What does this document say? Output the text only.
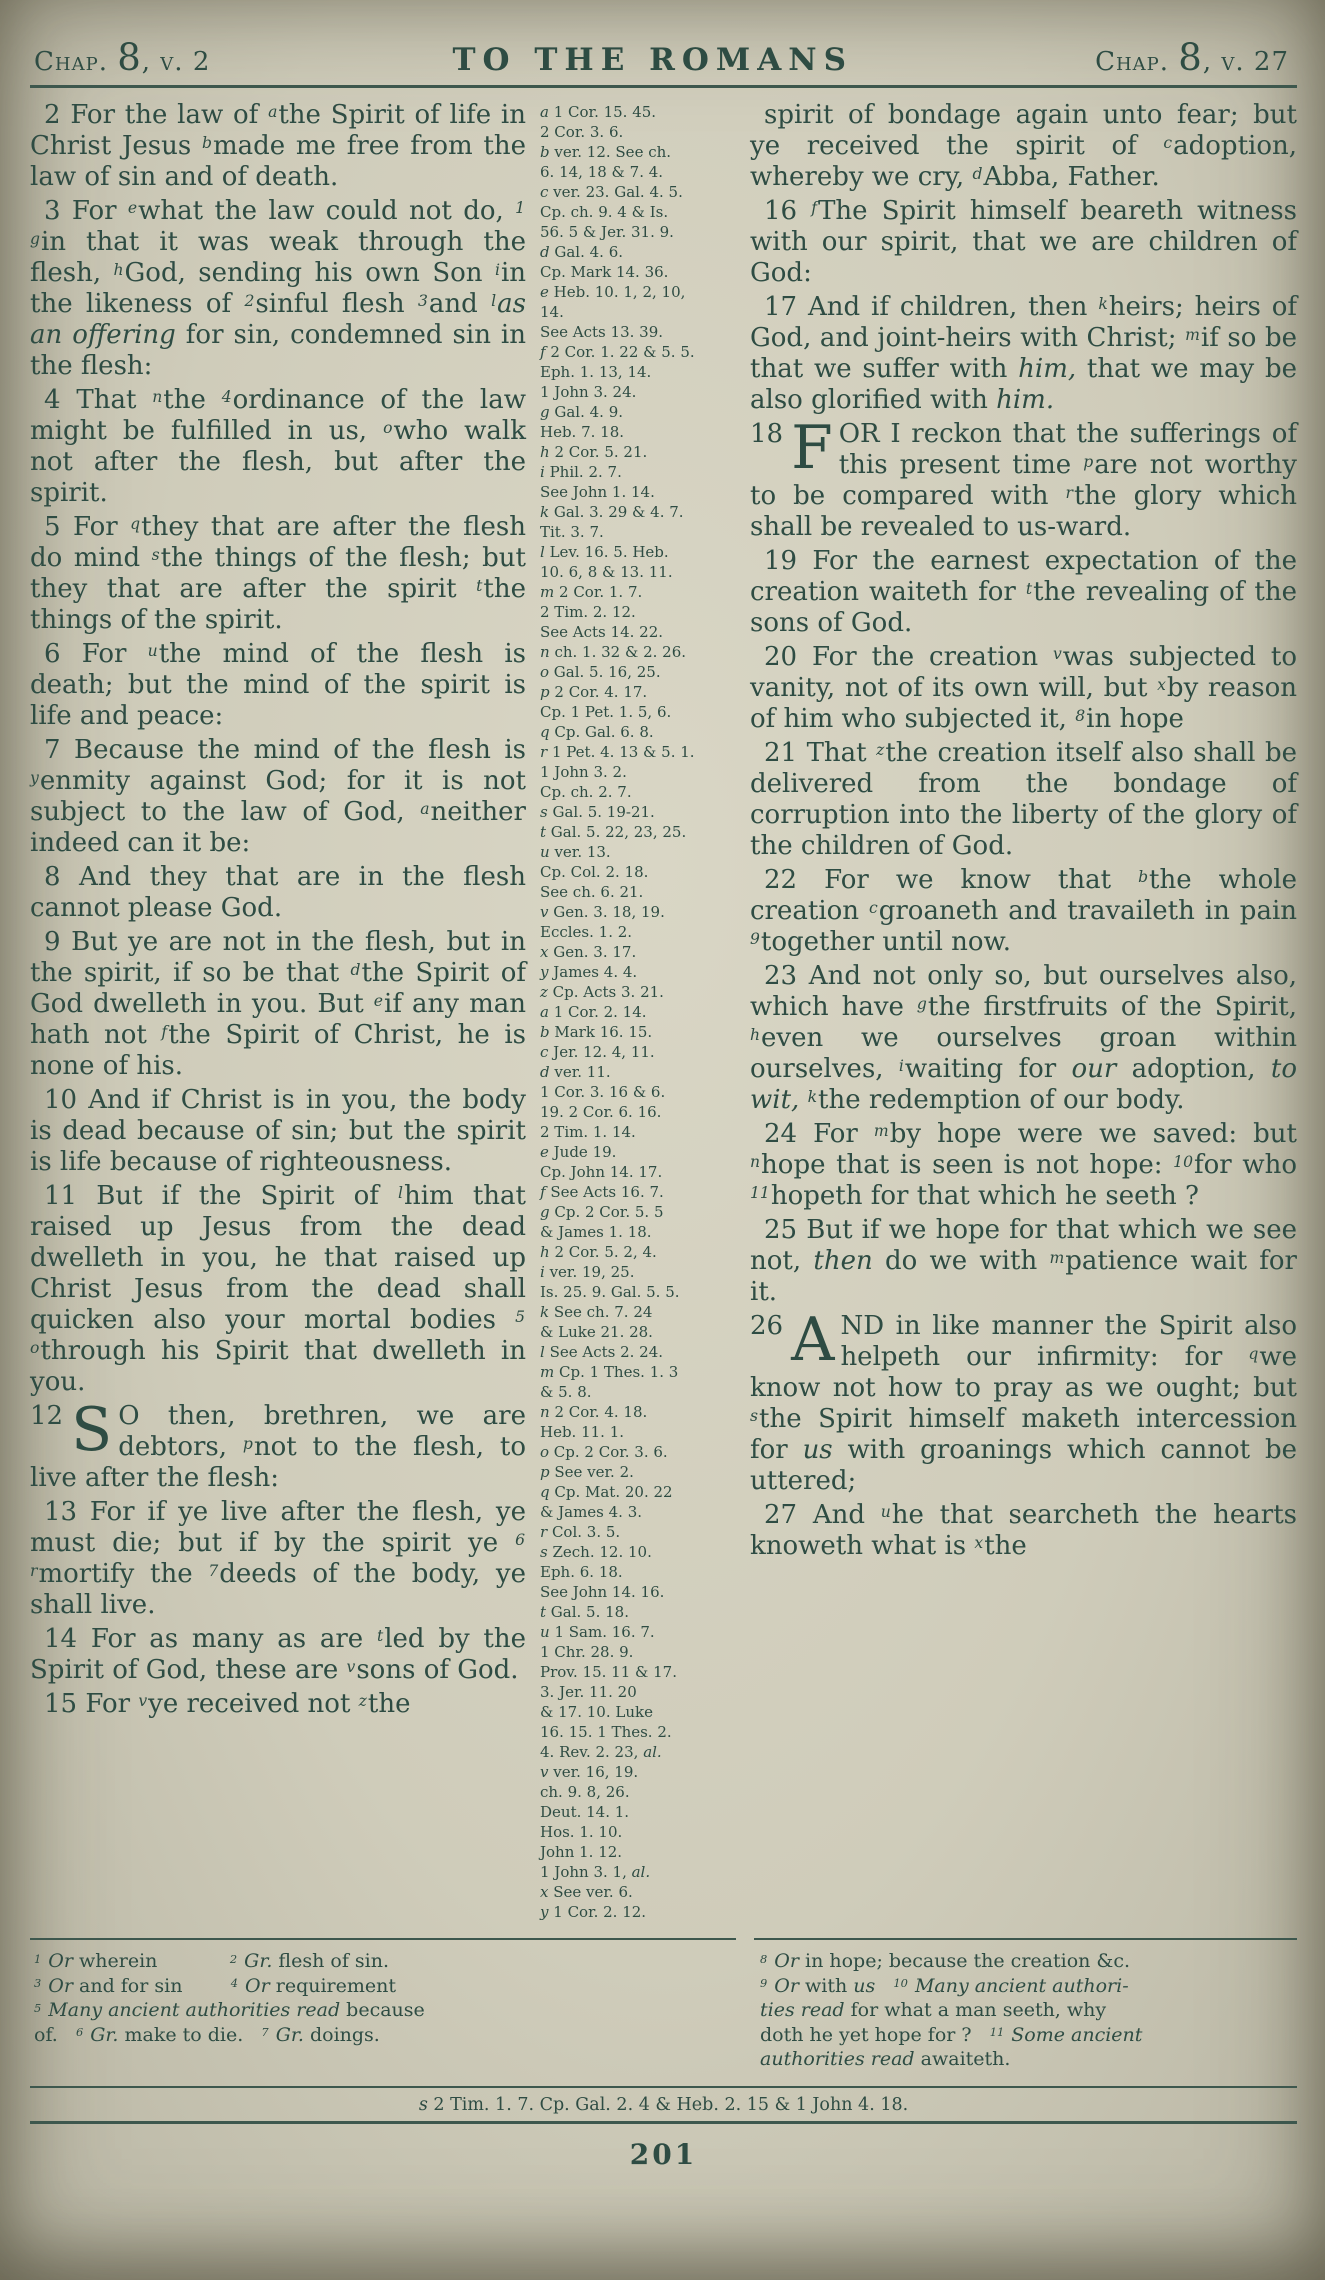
Chap. 8, v. 2	TO THE ROMANS	Chap. 8, v. 27

2 For the law of $^a$the Spirit of life in Christ Jesus $^b$made me free from the law of sin and of death.

3 For $^e$what the law could not do, $^1$ $^g$in that it was weak through the flesh, $^h$God, sending his own Son $^i$in the likeness of $^2$sinful flesh $^3$and $^l$as an offering for sin, condemned sin in the flesh:

4 That $^n$the $^4$ordinance of the law might be fulfilled in us, $^o$who walk not after the flesh, but after the spirit.

5 For $^q$they that are after the flesh do mind $^s$the things of the flesh; but they that are after the spirit $^t$the things of the spirit.

6 For $^u$the mind of the flesh is death; but the mind of the spirit is life and peace:

7 Because the mind of the flesh is $^y$enmity against God; for it is not subject to the law of God, $^a$neither indeed can it be:

8 And they that are in the flesh cannot please God.

9 But ye are not in the flesh, but in the spirit, if so be that $^d$the Spirit of God dwelleth in you. But $^e$if any man hath not $^f$the Spirit of Christ, he is none of his.

10 And if Christ is in you, the body is dead because of sin; but the spirit is life because of righteousness.

11 But if the Spirit of $^l$him that raised up Jesus from the dead dwelleth in you, he that raised up Christ Jesus from the dead shall quicken also your mortal bodies $^5$ $^o$through his Spirit that dwelleth in you.

12 S O then, brethren, we are debtors, $^p$not to the flesh, to live after the flesh:

13 For if ye live after the flesh, ye must die; but if by the spirit ye $^6$ $^r$mortify the $^7$deeds of the body, ye shall live.

14 For as many as are $^t$led by the Spirit of God, these are $^v$sons of God.

15 For $^v$ye received not $^z$the

a 1 Cor. 15. 45.
2 Cor. 3. 6.
b ver. 12. See ch.
6. 14, 18 & 7. 4.
c ver. 23. Gal. 4. 5.
Cp. ch. 9. 4 & Is.
56. 5 & Jer. 31. 9.
d Gal. 4. 6.
Cp. Mark 14. 36.
e Heb. 10. 1, 2, 10,
14.
See Acts 13. 39.
f 2 Cor. 1. 22 & 5. 5.
Eph. 1. 13, 14.
1 John 3. 24.
g Gal. 4. 9.
Heb. 7. 18.
h 2 Cor. 5. 21.
i Phil. 2. 7.
See John 1. 14.
k Gal. 3. 29 & 4. 7.
Tit. 3. 7.
l Lev. 16. 5. Heb.
10. 6, 8 & 13. 11.
m 2 Cor. 1. 7.
2 Tim. 2. 12.
See Acts 14. 22.
n ch. 1. 32 & 2. 26.
o Gal. 5. 16, 25.
p 2 Cor. 4. 17.
Cp. 1 Pet. 1. 5, 6.
q Cp. Gal. 6. 8.
r 1 Pet. 4. 13 & 5. 1.
1 John 3. 2.
Cp. ch. 2. 7.
s Gal. 5. 19-21.
t Gal. 5. 22, 23, 25.
u ver. 13.
Cp. Col. 2. 18.
See ch. 6. 21.
v Gen. 3. 18, 19.
Eccles. 1. 2.
x Gen. 3. 17.
y James 4. 4.
z Cp. Acts 3. 21.
a 1 Cor. 2. 14.
b Mark 16. 15.
c Jer. 12. 4, 11.
d ver. 11.
1 Cor. 3. 16 & 6.
19. 2 Cor. 6. 16.
2 Tim. 1. 14.
e Jude 19.
Cp. John 14. 17.
f See Acts 16. 7.
g Cp. 2 Cor. 5. 5
& James 1. 18.
h 2 Cor. 5. 2, 4.
i ver. 19, 25.
Is. 25. 9. Gal. 5. 5.
k See ch. 7. 24
& Luke 21. 28.
l See Acts 2. 24.
m Cp. 1 Thes. 1. 3
& 5. 8.
n 2 Cor. 4. 18.
Heb. 11. 1.
o Cp. 2 Cor. 3. 6.
p See ver. 2.
q Cp. Mat. 20. 22
& James 4. 3.
r Col. 3. 5.
s Zech. 12. 10.
Eph. 6. 18.
See John 14. 16.
t Gal. 5. 18.
u 1 Sam. 16. 7.
1 Chr. 28. 9.
Prov. 15. 11 & 17.
3. Jer. 11. 20
& 17. 10. Luke
16. 15. 1 Thes. 2.
4. Rev. 2. 23, al.
v ver. 16, 19.
ch. 9. 8, 26.
Deut. 14. 1.
Hos. 1. 10.
John 1. 12.
1 John 3. 1, al.
x See ver. 6.
y 1 Cor. 2. 12.

spirit of bondage again unto fear; but ye received the spirit of $^c$adoption, whereby we cry, $^d$Abba, Father.

16 $^f$The Spirit himself beareth witness with our spirit, that we are children of God:

17 And if children, then $^k$heirs; heirs of God, and joint-heirs with Christ; $^m$if so be that we suffer with him, that we may be also glorified with him.

18 F OR I reckon that the sufferings of this present time $^p$are not worthy to be compared with $^r$the glory which shall be revealed to us-ward.

19 For the earnest expectation of the creation waiteth for $^t$the revealing of the sons of God.

20 For the creation $^v$was subjected to vanity, not of its own will, but $^x$by reason of him who subjected it, $^8$in hope

21 That $^z$the creation itself also shall be delivered from the bondage of corruption into the liberty of the glory of the children of God.

22 For we know that $^b$the whole creation $^c$groaneth and travaileth in pain $^9$together until now.

23 And not only so, but ourselves also, which have $^g$the firstfruits of the Spirit, $^h$even we ourselves groan within ourselves, $^i$waiting for our adoption, to wit, $^k$the redemption of our body.

24 For $^m$by hope were we saved: but $^n$hope that is seen is not hope: $^{10}$for who $^{11}$hopeth for that which he seeth ?

25 But if we hope for that which we see not, then do we with $^m$patience wait for it.

26 A ND in like manner the Spirit also helpeth our infirmity: for $^q$we know not how to pray as we ought; but $^s$the Spirit himself maketh intercession for us with groanings which cannot be uttered;

27 And $^u$he that searcheth the hearts knoweth what is $^x$the

$^1$ Or wherein            $^2$ Gr. flesh of sin.
$^3$ Or and for sin        $^4$ Or requirement
$^5$ Many ancient authorities read because
of.   $^6$ Gr. make to die.   $^7$ Gr. doings.
$^8$ Or in hope; because the creation &c.
$^9$ Or with us $^{10}$ Many ancient authori-
ties read for what a man seeth, why
doth he yet hope for ?   $^{11}$ Some ancient
authorities read awaiteth.
s 2 Tim. 1. 7. Cp. Gal. 2. 4 & Heb. 2. 15 & 1 John 4. 18.
201
